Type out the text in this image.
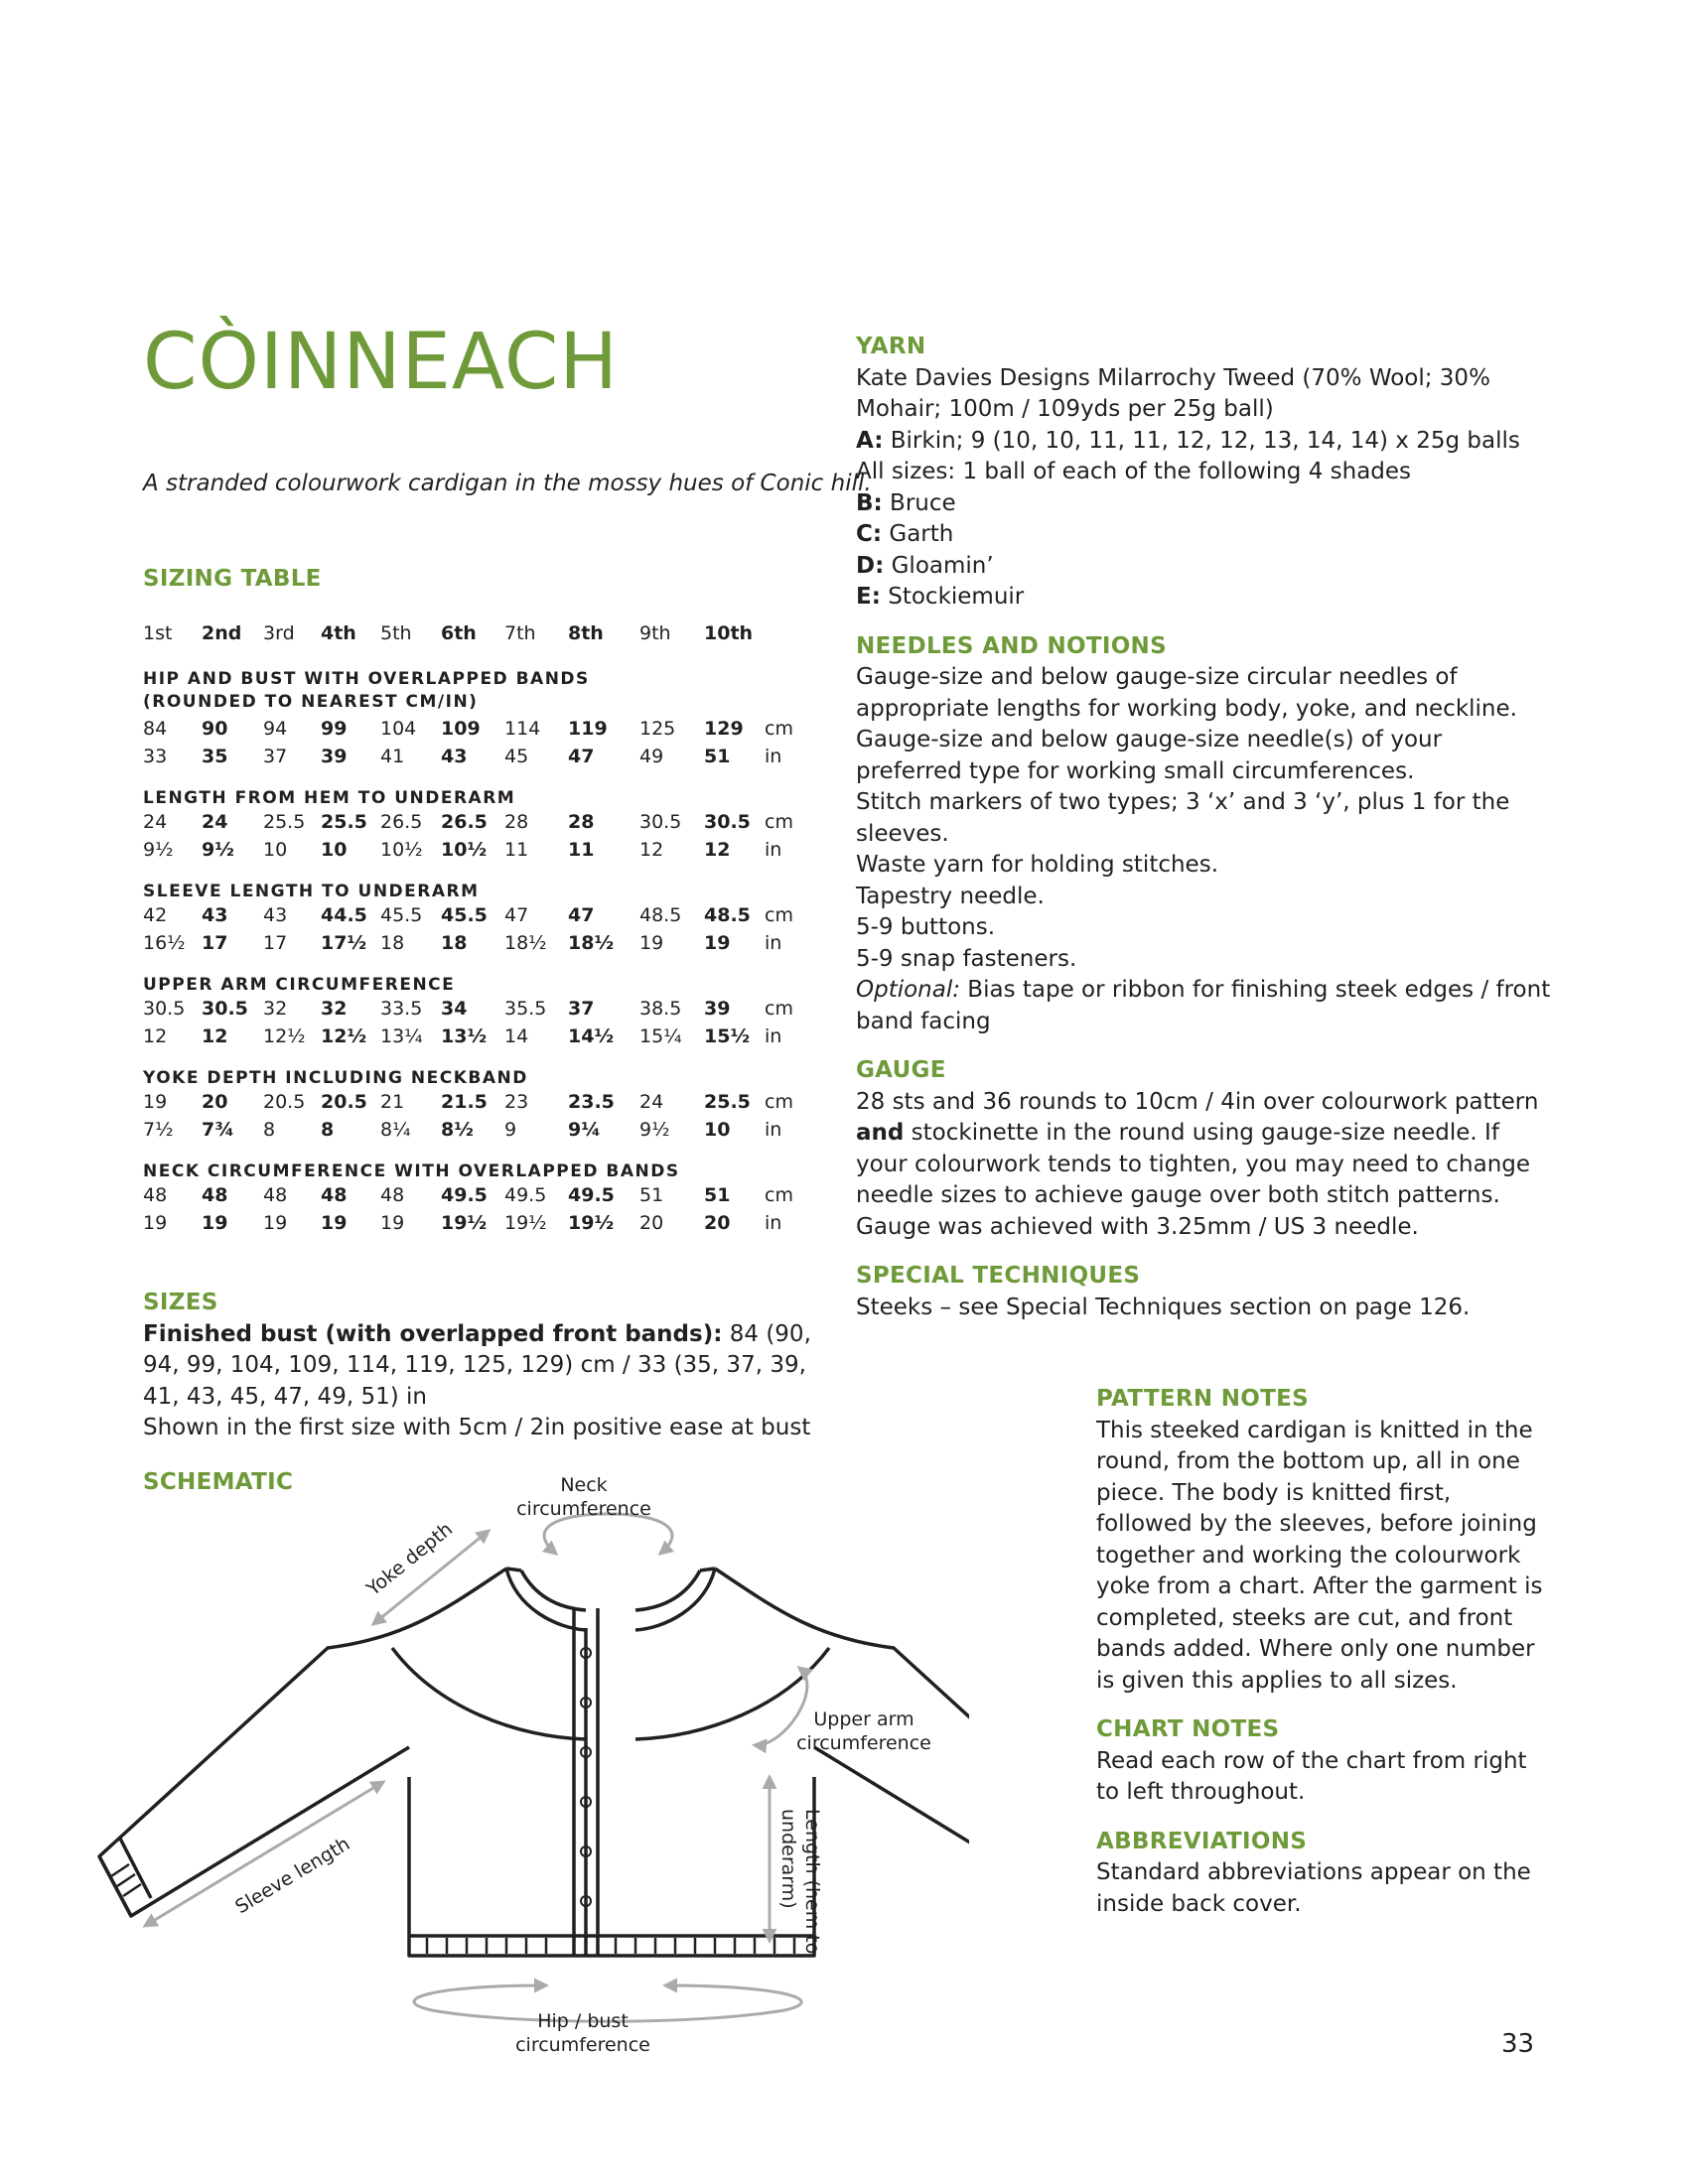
CÒINNEACH

A stranded colourwork cardigan in the mossy hues of Conic hill.

SIZING TABLE

1st	2nd	3rd	4th	5th	6th	7th	8th	9th	10th	
HIP AND BUST WITH OVERLAPPED BANDS										
(ROUNDED TO NEAREST CM/IN)										
84	90	94	99	104	109	114	119	125	129	cm
33	35	37	39	41	43	45	47	49	51	in
LENGTH FROM HEM TO UNDERARM										
24	24	25.5	25.5	26.5	26.5	28	28	30.5	30.5	cm
9½	9½	10	10	10½	10½	11	11	12	12	in
SLEEVE LENGTH TO UNDERARM										
42	43	43	44.5	45.5	45.5	47	47	48.5	48.5	cm
16½	17	17	17½	18	18	18½	18½	19	19	in
UPPER ARM CIRCUMFERENCE										
30.5	30.5	32	32	33.5	34	35.5	37	38.5	39	cm
12	12	12½	12½	13¼	13½	14	14½	15¼	15½	in
YOKE DEPTH INCLUDING NECKBAND										
19	20	20.5	20.5	21	21.5	23	23.5	24	25.5	cm
7½	7¾	8	8	8¼	8½	9	9¼	9½	10	in
NECK CIRCUMFERENCE WITH OVERLAPPED BANDS										
48	48	48	48	48	49.5	49.5	49.5	51	51	cm
19	19	19	19	19	19½	19½	19½	20	20	in

SIZES

Finished bust (with overlapped front bands): 84 (90, 94, 99, 104, 109, 114, 119, 125, 129) cm / 33 (35, 37, 39, 41, 43, 45, 47, 49, 51) in

Shown in the first size with 5cm / 2in positive ease at bust

SCHEMATIC	Neck
circumference
Yoke depth
Upper arm
circumference
Sleeve length	Length (hem to
underarm)
Hip / bust
circumference

YARN

Kate Davies Designs Milarrochy Tweed (70% Wool; 30% Mohair; 100m / 109yds per 25g ball)

A: Birkin; 9 (10, 10, 11, 11, 12, 12, 13, 14, 14) x 25g balls

All sizes: 1 ball of each of the following 4 shades

B: Bruce

C: Garth

D: Gloamin’

E: Stockiemuir

NEEDLES AND NOTIONS

Gauge-size and below gauge-size circular needles of appropriate lengths for working body, yoke, and neckline.

Gauge-size and below gauge-size needle(s) of your preferred type for working small circumferences.

Stitch markers of two types; 3 ‘x’ and 3 ‘y’, plus 1 for the sleeves.

Waste yarn for holding stitches.

Tapestry needle.

5-9 buttons.

5-9 snap fasteners.

Optional: Bias tape or ribbon for finishing steek edges / front band facing

GAUGE

28 sts and 36 rounds to 10cm / 4in over colourwork pattern and stockinette in the round using gauge-size needle. If your colourwork tends to tighten, you may need to change needle sizes to achieve gauge over both stitch patterns.

Gauge was achieved with 3.25mm / US 3 needle.

SPECIAL TECHNIQUES

Steeks – see Special Techniques section on page 126.

PATTERN NOTES

This steeked cardigan is knitted in the round, from the bottom up, all in one piece. The body is knitted first, followed by the sleeves, before joining together and working the colourwork yoke from a chart. After the garment is completed, steeks are cut, and front bands added. Where only one number is given this applies to all sizes.

CHART NOTES

Read each row of the chart from right to left throughout.

ABBREVIATIONS

Standard abbreviations appear on the inside back cover.

33
